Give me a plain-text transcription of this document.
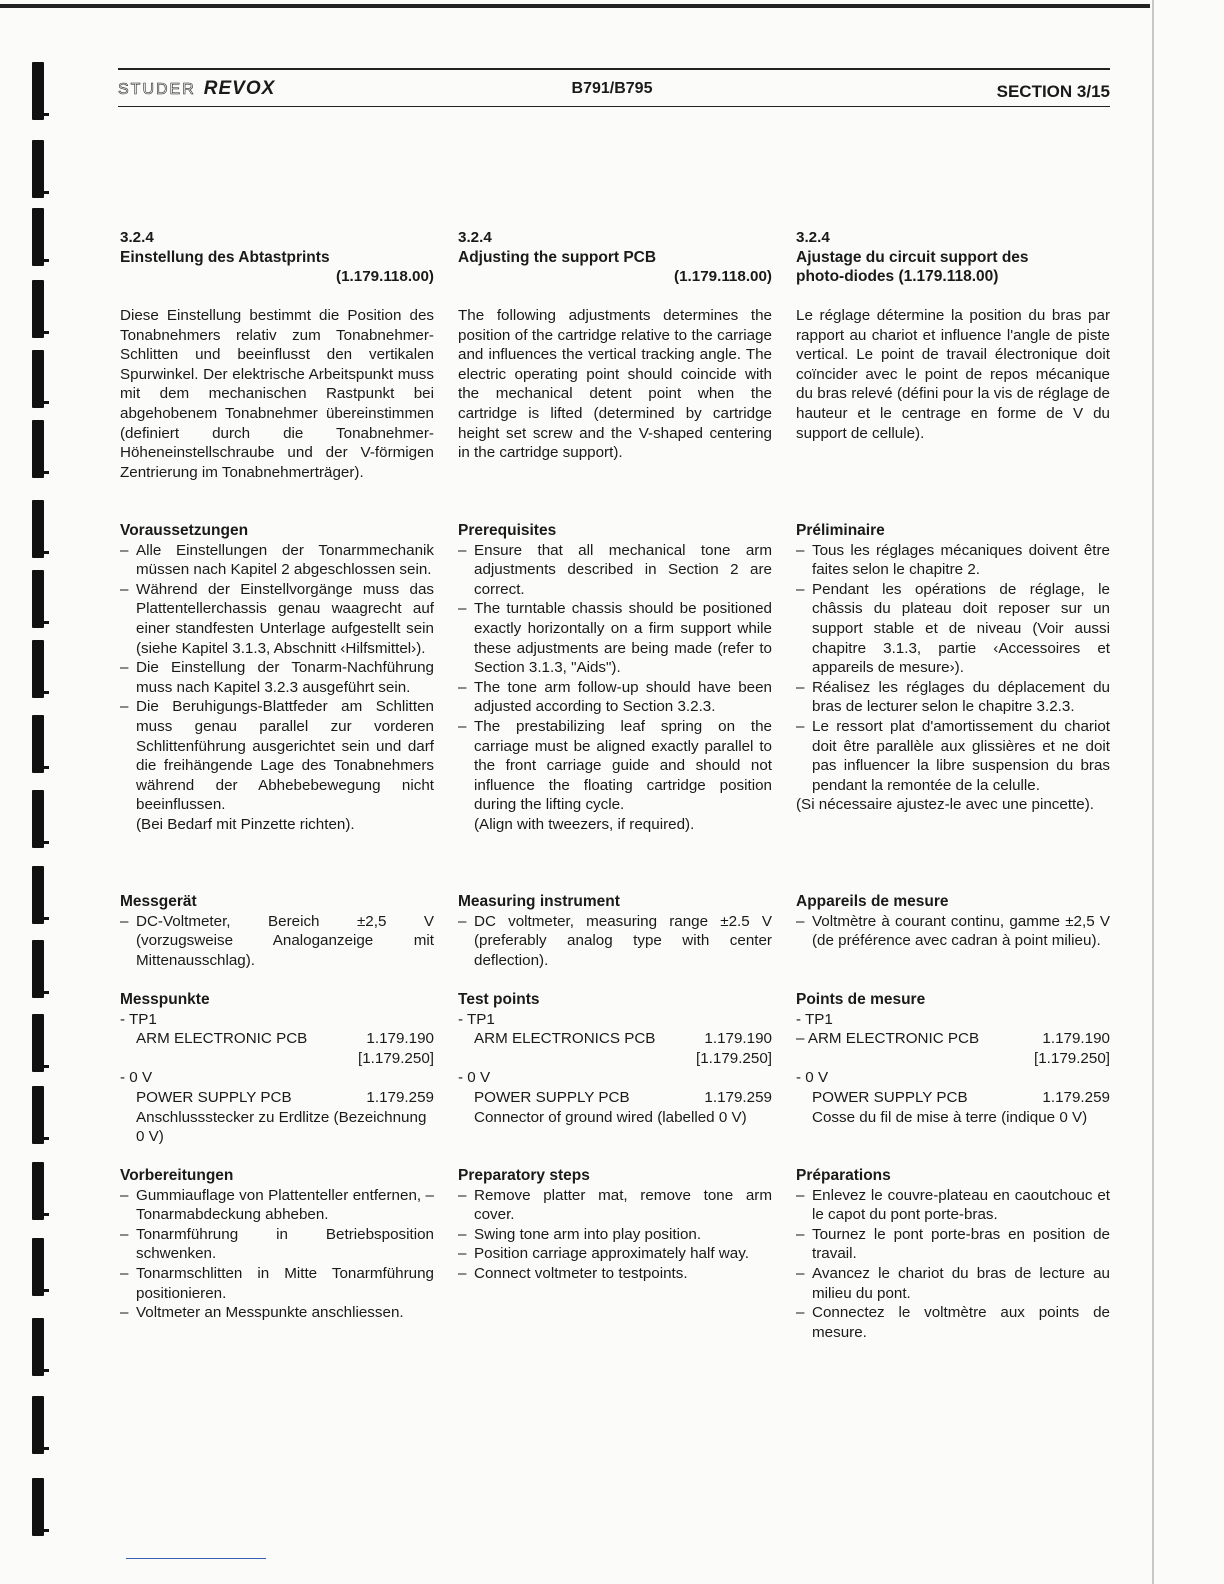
STUDER REVOX	B791/B795	SECTION 3/15
3.2.4
Einstellung des Abtastprints
(1.179.118.00)

Diese Einstellung bestimmt die Position des Tonabnehmers relativ zum Tonabnehmer-Schlitten und beeinflusst den vertikalen Spurwinkel. Der elektrische Arbeitspunkt muss mit dem mechanischen Rastpunkt bei abgehobenem Tonabnehmer übereinstimmen (definiert durch die Tonabnehmer-Höheneinstellschraube und der V-förmigen Zentrierung im Tonabnehmerträger).

Voraussetzungen
– Alle Einstellungen der Tonarmmechanik müssen nach Kapitel 2 abgeschlossen sein.
– Während der Einstellvorgänge muss das Plattentellerchassis genau waagrecht auf einer standfesten Unterlage aufgestellt sein (siehe Kapitel 3.1.3, Abschnitt ‹Hilfsmittel›).
– Die Einstellung der Tonarm-Nachführung muss nach Kapitel 3.2.3 ausgeführt sein.
– Die Beruhigungs-Blattfeder am Schlitten muss genau parallel zur vorderen Schlittenführung ausgerichtet sein und darf die freihängende Lage des Tonabnehmers während der Abhebebewegung nicht beeinflussen.
(Bei Bedarf mit Pinzette richten).
Messgerät
– DC-Voltmeter, Bereich ±2,5 V (vorzugsweise Analoganzeige mit Mittenausschlag).
Messpunkte
- TP1
ARM ELECTRONIC PCB	1.179.190
[1.179.250]
- 0 V
POWER SUPPLY PCB	1.179.259
Anschlussstecker zu Erdlitze (Bezeichnung 0 V)
Vorbereitungen
– Gummiauflage von Plattenteller entfernen, – Tonarmabdeckung abheben.
– Tonarmführung in Betriebsposition schwenken.
– Tonarmschlitten in Mitte Tonarmführung positionieren.
– Voltmeter an Messpunkte anschliessen.
3.2.4
Adjusting the support PCB
(1.179.118.00)

The following adjustments determines the position of the cartridge relative to the carriage and influences the vertical tracking angle. The electric operating point should coincide with the mechanical detent point when the cartridge is lifted (determined by cartridge height set screw and the V-shaped centering in the cartridge support).

Prerequisites
– Ensure that all mechanical tone arm adjustments described in Section 2 are correct.
– The turntable chassis should be positioned exactly horizontally on a firm support while these adjustments are being made (refer to Section 3.1.3, "Aids").
– The tone arm follow-up should have been adjusted according to Section 3.2.3.
– The prestabilizing leaf spring on the carriage must be aligned exactly parallel to the front carriage guide and should not influence the floating cartridge position during the lifting cycle.
(Align with tweezers, if required).
Measuring instrument
– DC voltmeter, measuring range ±2.5 V (preferably analog type with center deflection).
Test points
- TP1
ARM ELECTRONICS PCB	1.179.190
[1.179.250]
- 0 V
POWER SUPPLY PCB	1.179.259
Connector of ground wired (labelled 0 V)
Preparatory steps
– Remove platter mat, remove tone arm cover.
– Swing tone arm into play position.
– Position carriage approximately half way.
– Connect voltmeter to testpoints.
3.2.4
Ajustage du circuit support des
photo-diodes (1.179.118.00)

Le réglage détermine la position du bras par rapport au chariot et influence l'angle de piste vertical. Le point de travail électronique doit coïncider avec le point de repos mécanique du bras relevé (défini pour la vis de réglage de hauteur et le centrage en forme de V du support de cellule).

Préliminaire
– Tous les réglages mécaniques doivent être faites selon le chapitre 2.
– Pendant les opérations de réglage, le châssis du plateau doit reposer sur un support stable et de niveau (Voir aussi chapitre 3.1.3, partie ‹Accessoires et appareils de mesure›).
– Réalisez les réglages du déplacement du bras de lecturer selon le chapitre 3.2.3.
– Le ressort plat d'amortissement du chariot doit être parallèle aux glissières et ne doit pas influencer la libre suspension du bras pendant la remontée de la celulle.
(Si nécessaire ajustez-le avec une pincette).
Appareils de mesure
– Voltmètre à courant continu, gamme ±2,5 V (de préférence avec cadran à point milieu).
Points de mesure
- TP1
– ARM ELECTRONIC PCB	1.179.190
[1.179.250]
- 0 V
POWER SUPPLY PCB	1.179.259
Cosse du fil de mise à terre (indique 0 V)
Préparations
– Enlevez le couvre-plateau en caoutchouc et le capot du pont porte-bras.
– Tournez le pont porte-bras en position de travail.
– Avancez le chariot du bras de lecture au milieu du pont.
– Connectez le voltmètre aux points de mesure.
